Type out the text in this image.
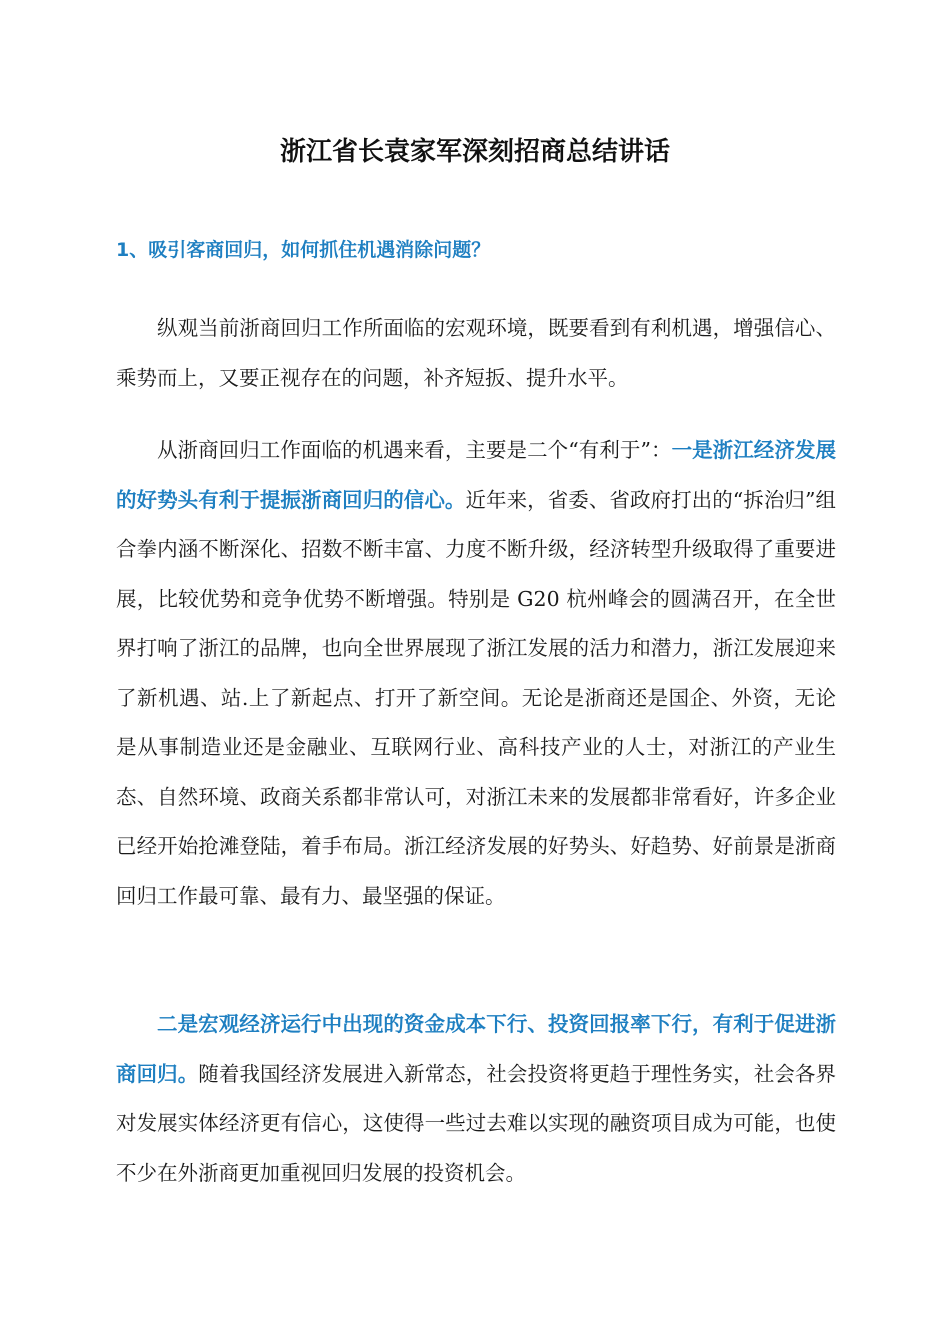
浙江省长袁家军深刻招商总结讲话
1、吸引客商回归，如何抓住机遇消除问题？

纵观当前浙商回归工作所面临的宏观环境，既要看到有利机遇，增强信心、乘势而上，又要正视存在的问题，补齐短扳、提升水平。

从浙商回归工作面临的机遇来看，主要是二个“有利于”：一是浙江经济发展的好势头有利于提振浙商回归的信心。近年来，省委、省政府打出的“拆治归”组合拳内涵不断深化、招数不断丰富、力度不断升级，经济转型升级取得了重要进展，比较优势和竞争优势不断增强。特别是 G20 杭州峰会的圆满召开，在全世界打响了浙江的品牌，也向全世界展现了浙江发展的活力和潜力，浙江发展迎来了新机遇、站.上了新起点、打开了新空间。无论是浙商还是国企、外资，无论是从事制造业还是金融业、互联网行业、高科技产业的人士，对浙江的产业生态、自然环境、政商关系都非常认可，对浙江未来的发展都非常看好，许多企业已经开始抢滩登陆，着手布局。浙江经济发展的好势头、好趋势、好前景是浙商回归工作最可靠、最有力、最坚强的保证。

二是宏观经济运行中出现的资金成本下行、投资回报率下行，有利于促进浙商回归。随着我国经济发展进入新常态，社会投资将更趋于理性务实，社会各界对发展实体经济更有信心，这使得一些过去难以实现的融资项目成为可能，也使不少在外浙商更加重视回归发展的投资机会。
